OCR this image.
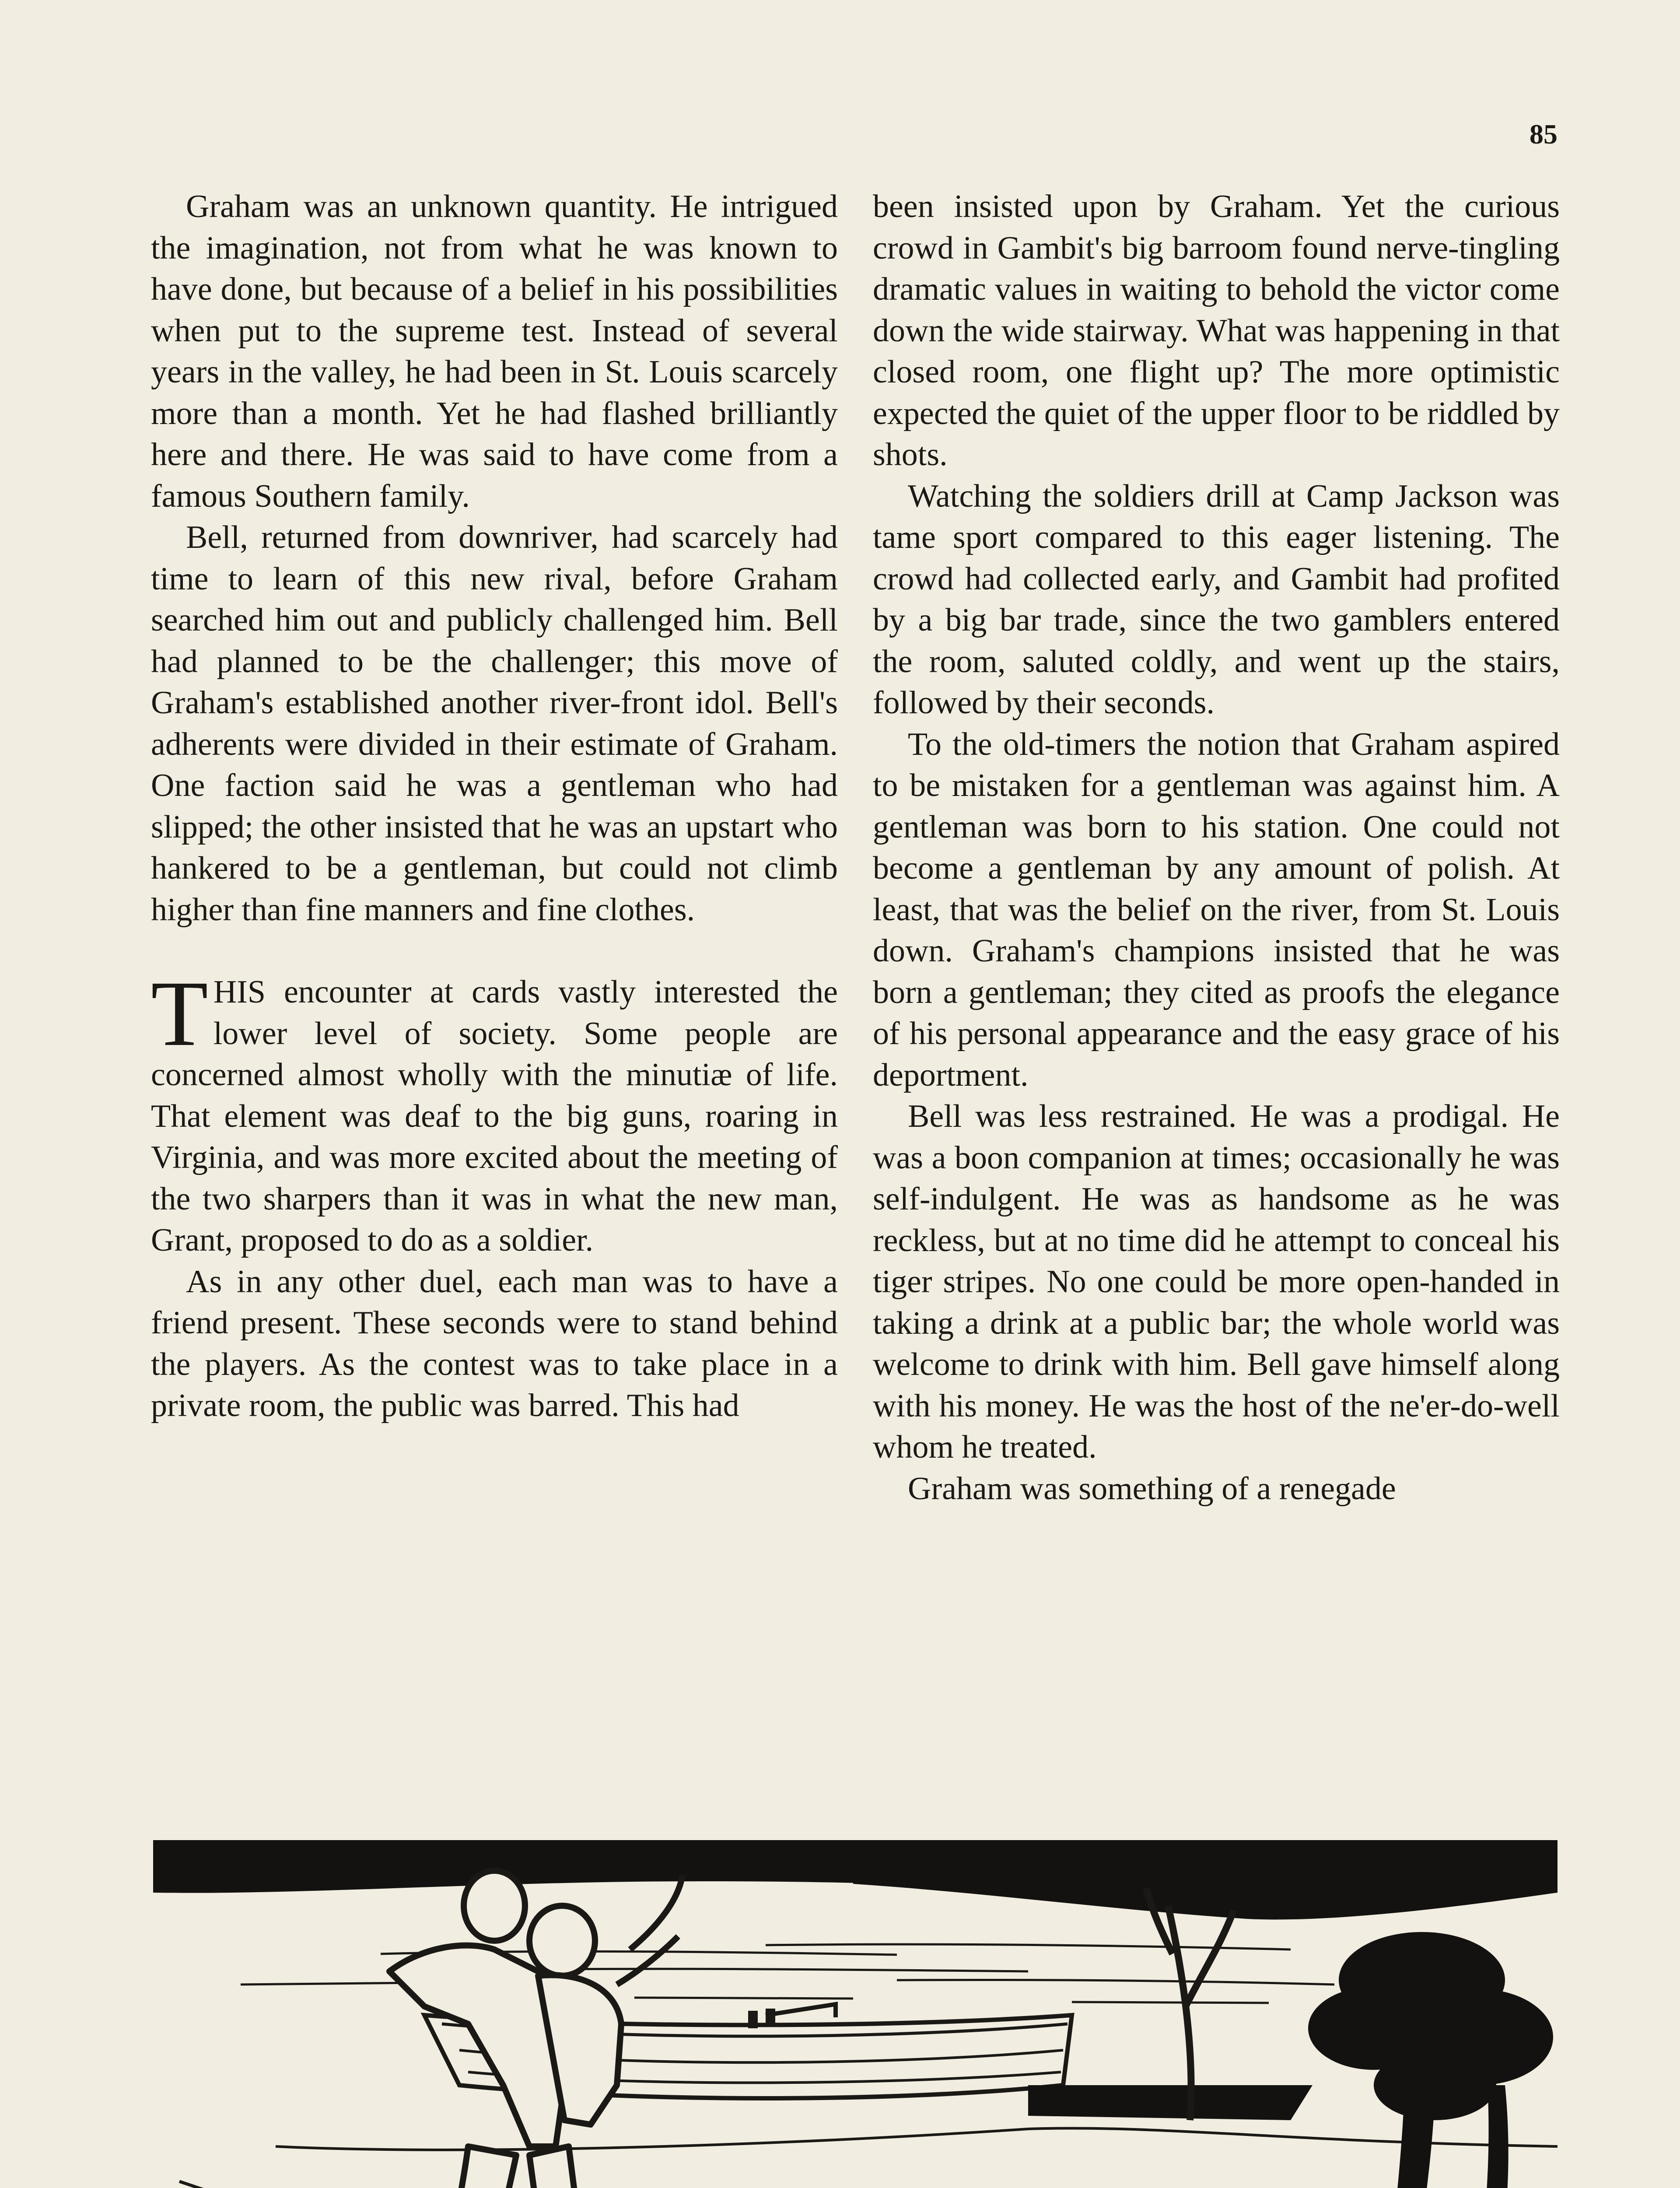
85

Graham was an unknown quantity. He intrigued the imagination, not from what he was known to have done, but because of a belief in his possibilities when put to the supreme test. Instead of several years in the valley, he had been in St. Louis scarcely more than a month. Yet he had flashed brilliantly here and there. He was said to have come from a famous Southern family.

Bell, returned from downriver, had scarcely had time to learn of this new rival, before Graham searched him out and publicly challenged him. Bell had planned to be the challenger; this move of Graham's established another river-front idol. Bell's adherents were divided in their estimate of Graham. One faction said he was a gentleman who had slipped; the other insisted that he was an upstart who hankered to be a gentleman, but could not climb higher than fine manners and fine clothes.

THIS encounter at cards vastly interested the lower level of society. Some people are concerned almost wholly with the minutiæ of life. That element was deaf to the big guns, roaring in Virginia, and was more excited about the meeting of the two sharpers than it was in what the new man, Grant, proposed to do as a soldier.

As in any other duel, each man was to have a friend present. These seconds were to stand behind the players. As the contest was to take place in a private room, the public was barred. This had

been insisted upon by Graham. Yet the curious crowd in Gambit's big barroom found nerve-tingling dramatic values in waiting to behold the victor come down the wide stairway. What was happening in that closed room, one flight up? The more optimistic expected the quiet of the upper floor to be riddled by shots.

Watching the soldiers drill at Camp Jackson was tame sport compared to this eager listening. The crowd had collected early, and Gambit had profited by a big bar trade, since the two gamblers entered the room, saluted coldly, and went up the stairs, followed by their seconds.

To the old-timers the notion that Graham aspired to be mistaken for a gentleman was against him. A gentleman was born to his station. One could not become a gentleman by any amount of polish. At least, that was the belief on the river, from St. Louis down. Graham's champions insisted that he was born a gentleman; they cited as proofs the elegance of his personal appearance and the easy grace of his deportment.

Bell was less restrained. He was a prodigal. He was a boon companion at times; occasionally he was self-indulgent. He was as handsome as he was reckless, but at no time did he attempt to conceal his tiger stripes. No one could be more open-handed in taking a drink at a public bar; the whole world was welcome to drink with him. Bell gave himself along with his money. He was the host of the ne'er-do-well whom he treated.

Graham was something of a renegade
